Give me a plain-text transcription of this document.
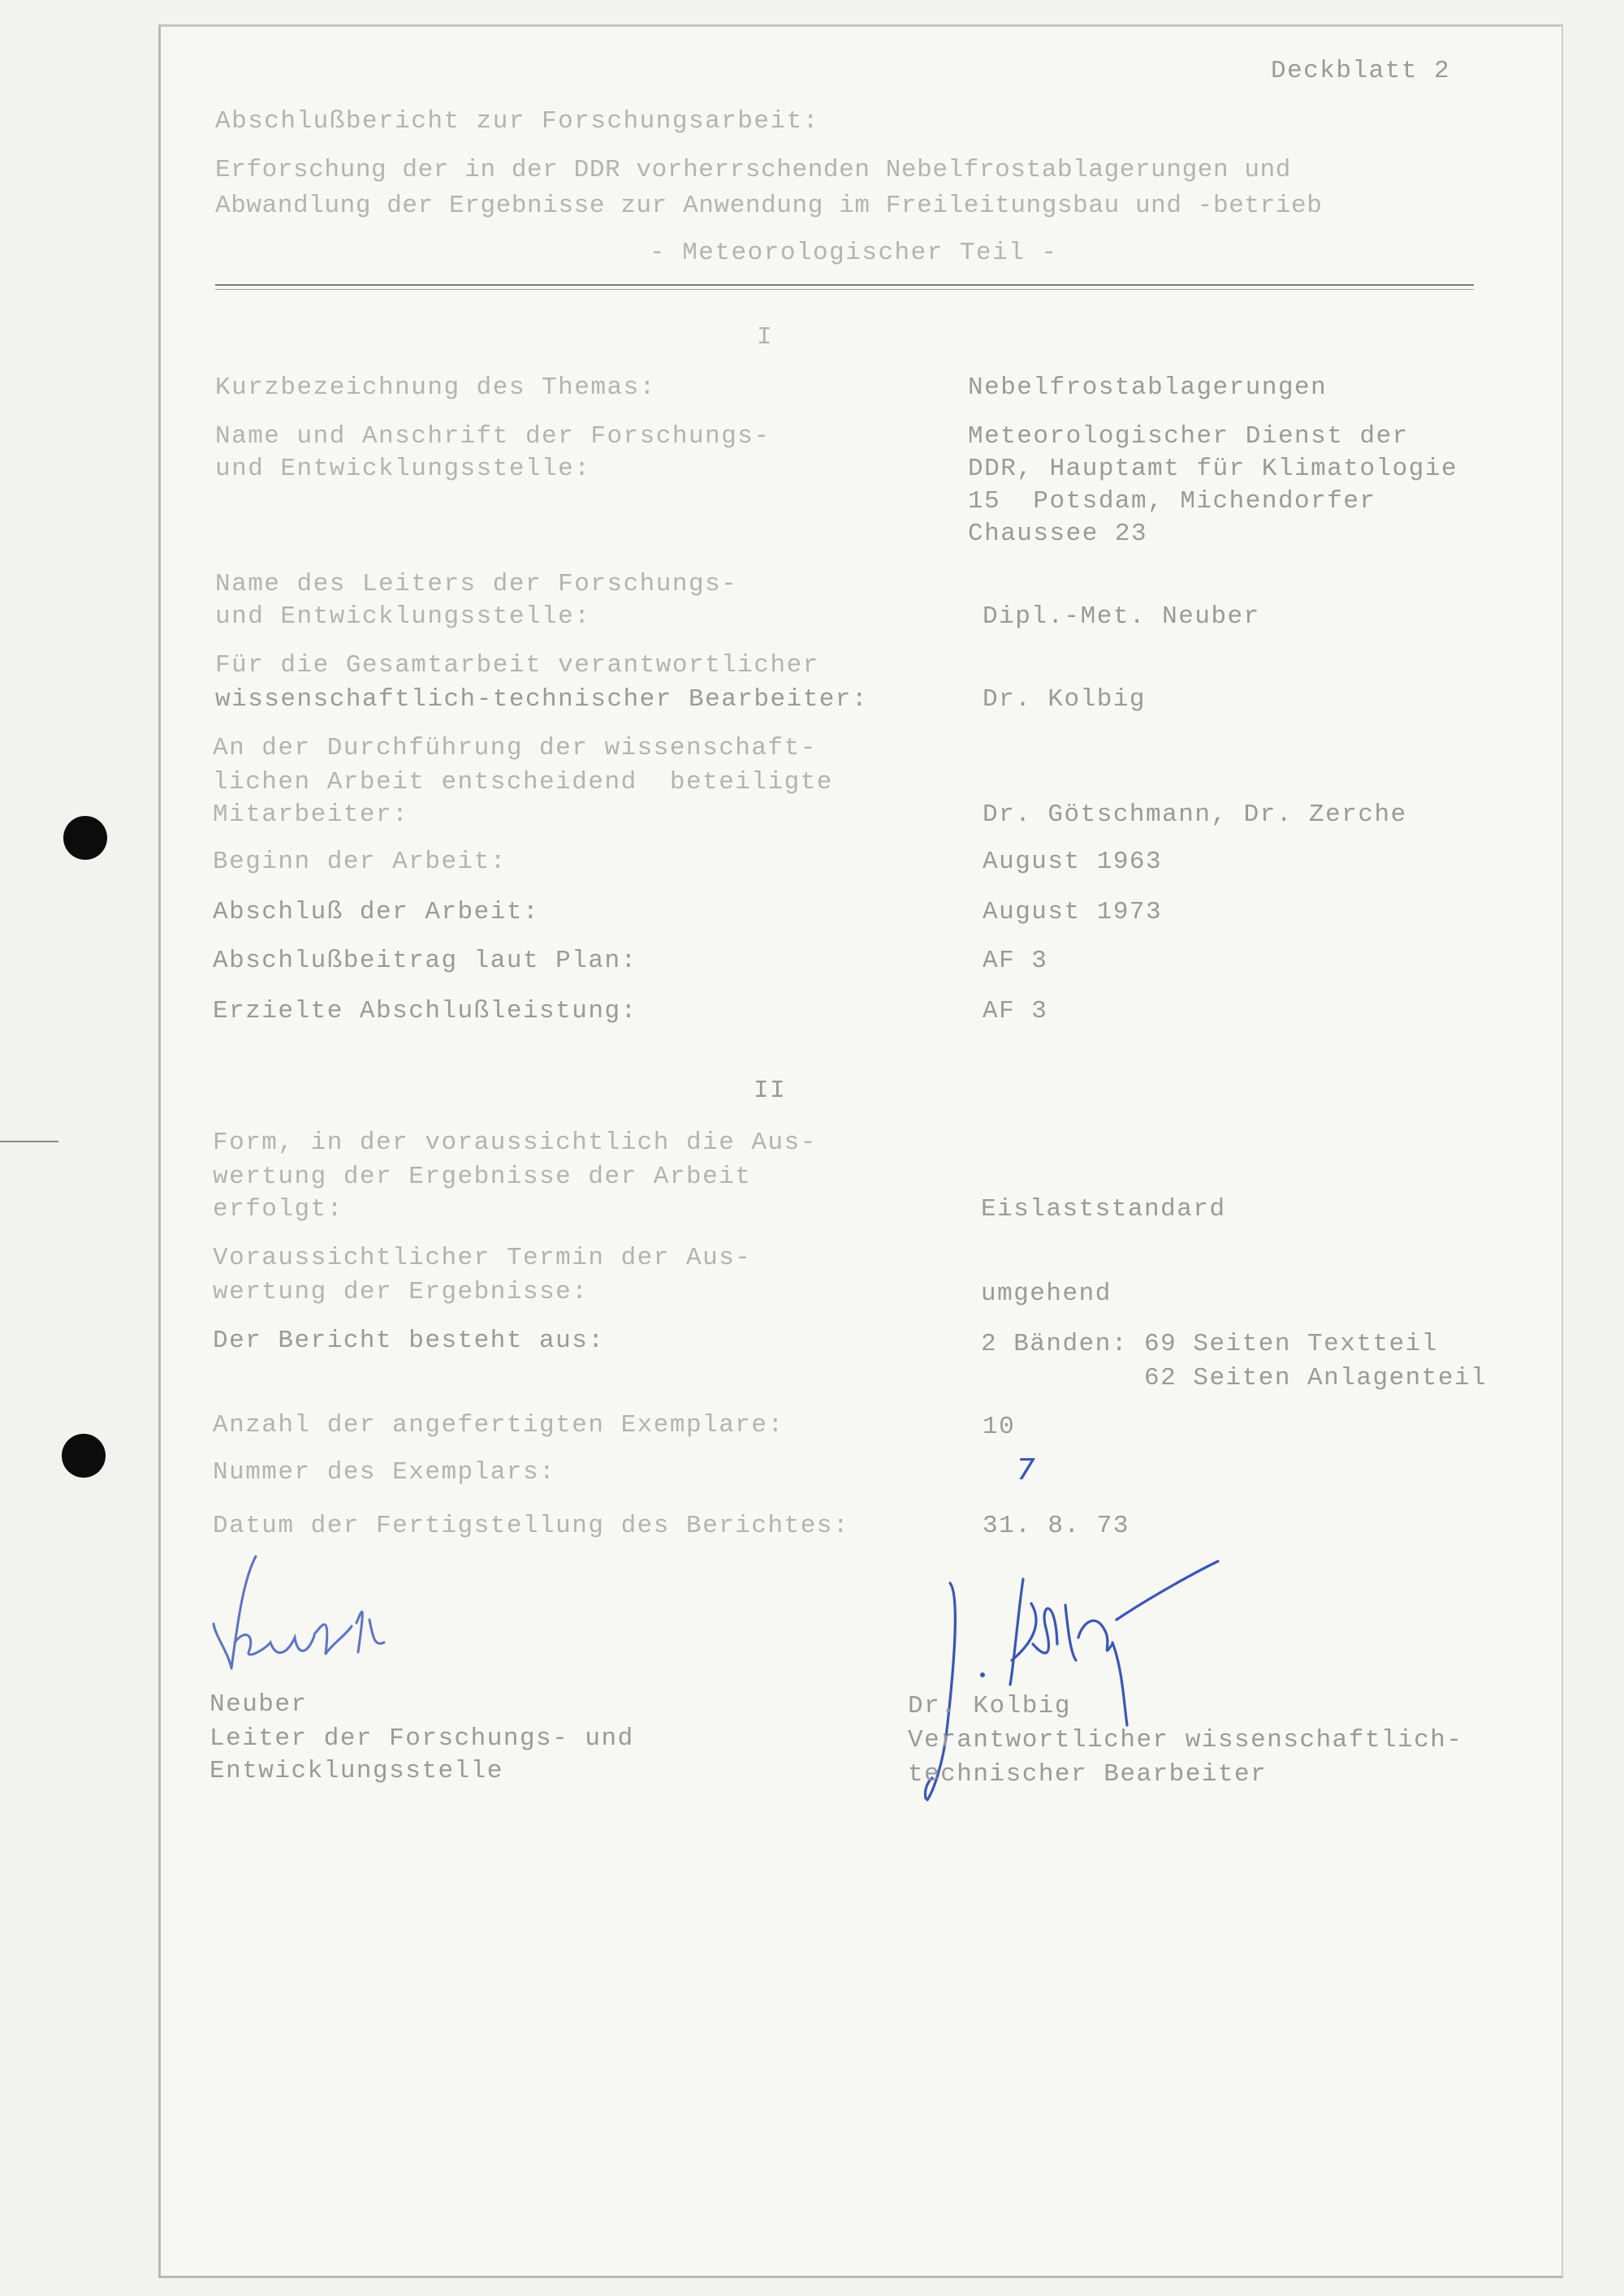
Deckblatt 2
Abschlußbericht zur Forschungsarbeit:
Erforschung der in der DDR vorherrschenden Nebelfrostablagerungen und
Abwandlung der Ergebnisse zur Anwendung im Freileitungsbau und -betrieb
- Meteorologischer Teil -
I
Kurzbezeichnung des Themas:	Nebelfrostablagerungen
Name und Anschrift der Forschungs-
und Entwicklungsstelle:
Meteorologischer Dienst der
DDR, Hauptamt für Klimatologie
15  Potsdam, Michendorfer
Chaussee 23
Name des Leiters der Forschungs-
und Entwicklungsstelle:	Dipl.-Met. Neuber
Für die Gesamtarbeit verantwortlicher
wissenschaftlich-technischer Bearbeiter:	Dr. Kolbig
An der Durchführung der wissenschaft-
lichen Arbeit entscheidend  beteiligte
Mitarbeiter:	Dr. Götschmann, Dr. Zerche
Beginn der Arbeit:	August 1963
Abschluß der Arbeit:	August 1973
Abschlußbeitrag laut Plan:	AF 3
Erzielte Abschlußleistung:	AF 3
II
Form, in der voraussichtlich die Aus-
wertung der Ergebnisse der Arbeit
erfolgt:	Eislaststandard
Voraussichtlicher Termin der Aus-
wertung der Ergebnisse:	umgehend
Der Bericht besteht aus:	2 Bänden: 69 Seiten Textteil
62 Seiten Anlagenteil
Anzahl der angefertigten Exemplare:	10
Nummer des Exemplars:	7
Datum der Fertigstellung des Berichtes:	31. 8. 73
Neuber
Leiter der Forschungs- und
Entwicklungsstelle
Dr. Kolbig
Verantwortlicher wissenschaftlich-
technischer Bearbeiter
